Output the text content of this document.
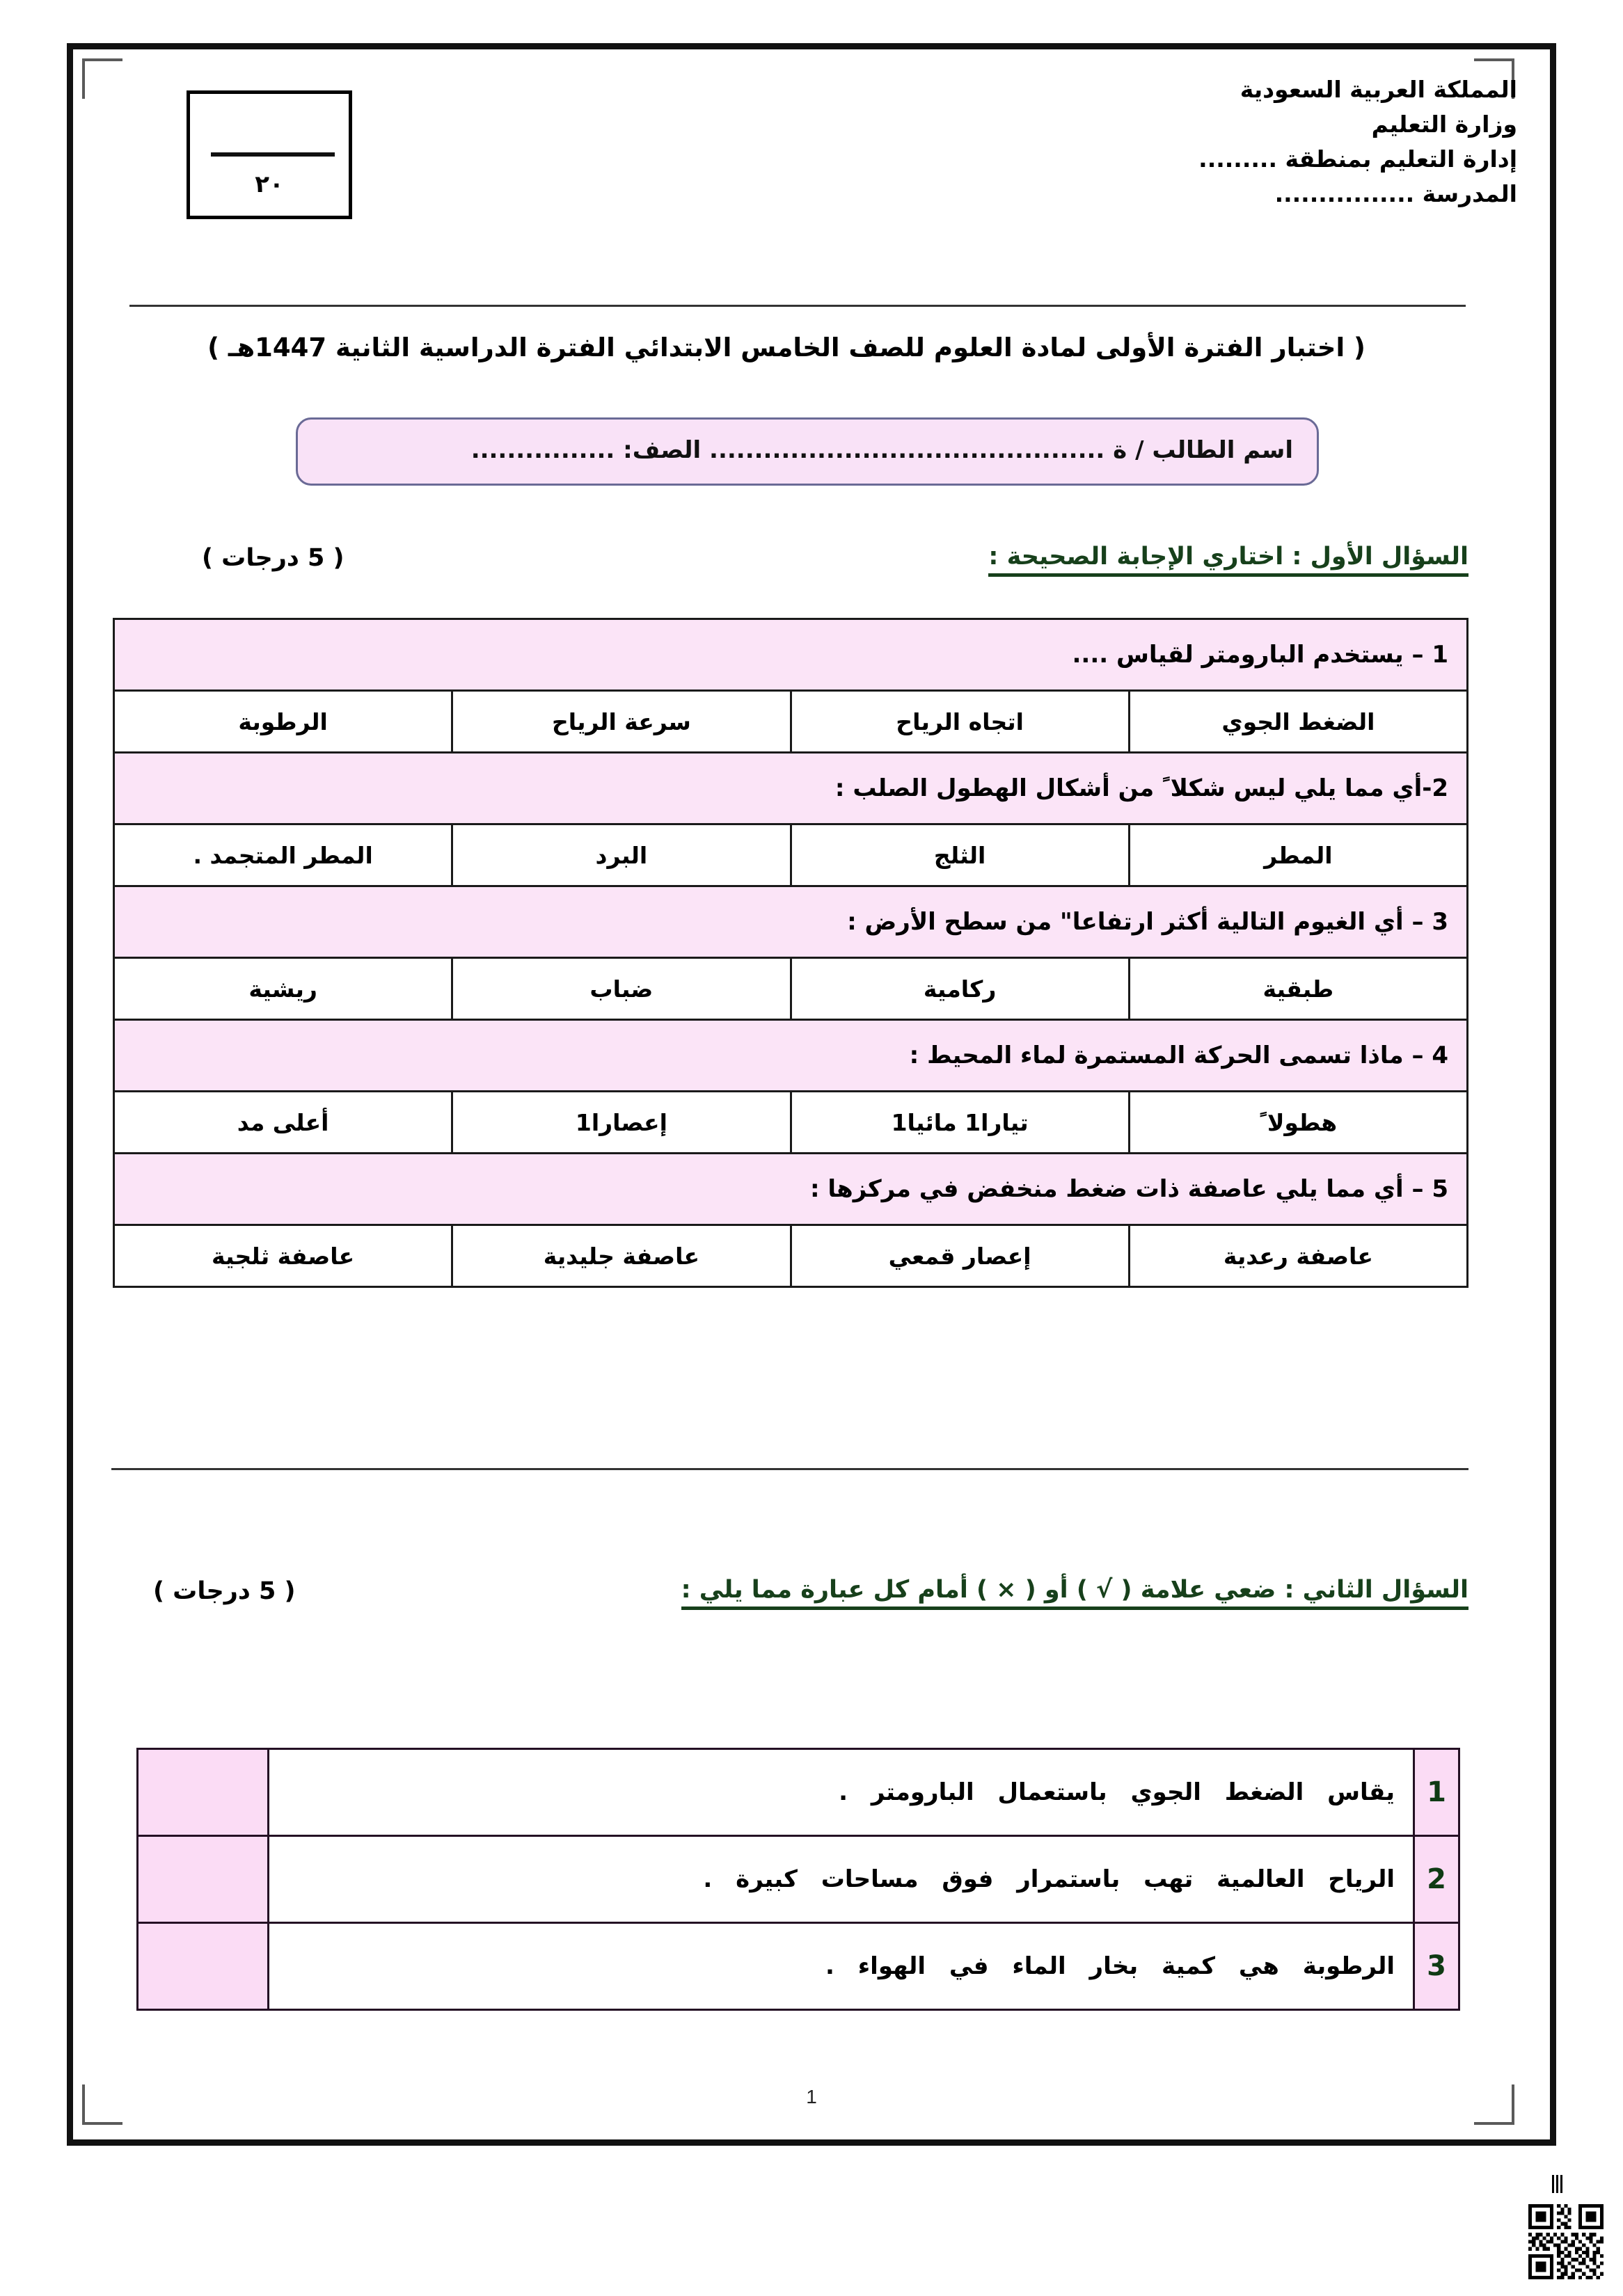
المملكة العربية السعودية
وزارة التعليم
إدارة التعليم بمنطقة .........
المدرسة ................
٢٠
( اختبار الفترة الأولى لمادة العلوم للصف الخامس الابتدائي الفترة الدراسية الثانية 1447هـ )
اسم الطالب / ة ............................................ الصف: ................
السؤال الأول : اختاري الإجابة الصحيحة :
( 5 درجات )
1 – يستخدم البارومتر لقياس ....			
الضغط الجوي	اتجاه الرياح	سرعة الرياح	الرطوبة
2-أي مما يلي ليس شكلا ً من أشكال الهطول الصلب :			
المطر	الثلج	البرد	المطر المتجمد .
3 – أي الغيوم التالية أكثر ارتفاعا" من سطح الأرض :			
طبقية	ركامية	ضباب	ريشية
4 – ماذا تسمى الحركة المستمرة لماء المحيط :			
هطولا ً	تيارا1 مائيا1	إعصارا1	أعلى مد
5 – أي مما يلي عاصفة ذات ضغط منخفض في مركزها :			
عاصفة رعدية	إعصار قمعي	عاصفة جليدية	عاصفة ثلجية
السؤال الثاني : ضعي علامة ( √ ) أو ( × ) أمام كل عبارة مما يلي :
( 5 درجات )
1	يقاس الضغط الجوي باستعمال البارومتر .	
2	الرياح العالمية تهب باستمرار فوق مساحات كبيرة .	
3	الرطوبة هي كمية بخار الماء في الهواء .	
1
